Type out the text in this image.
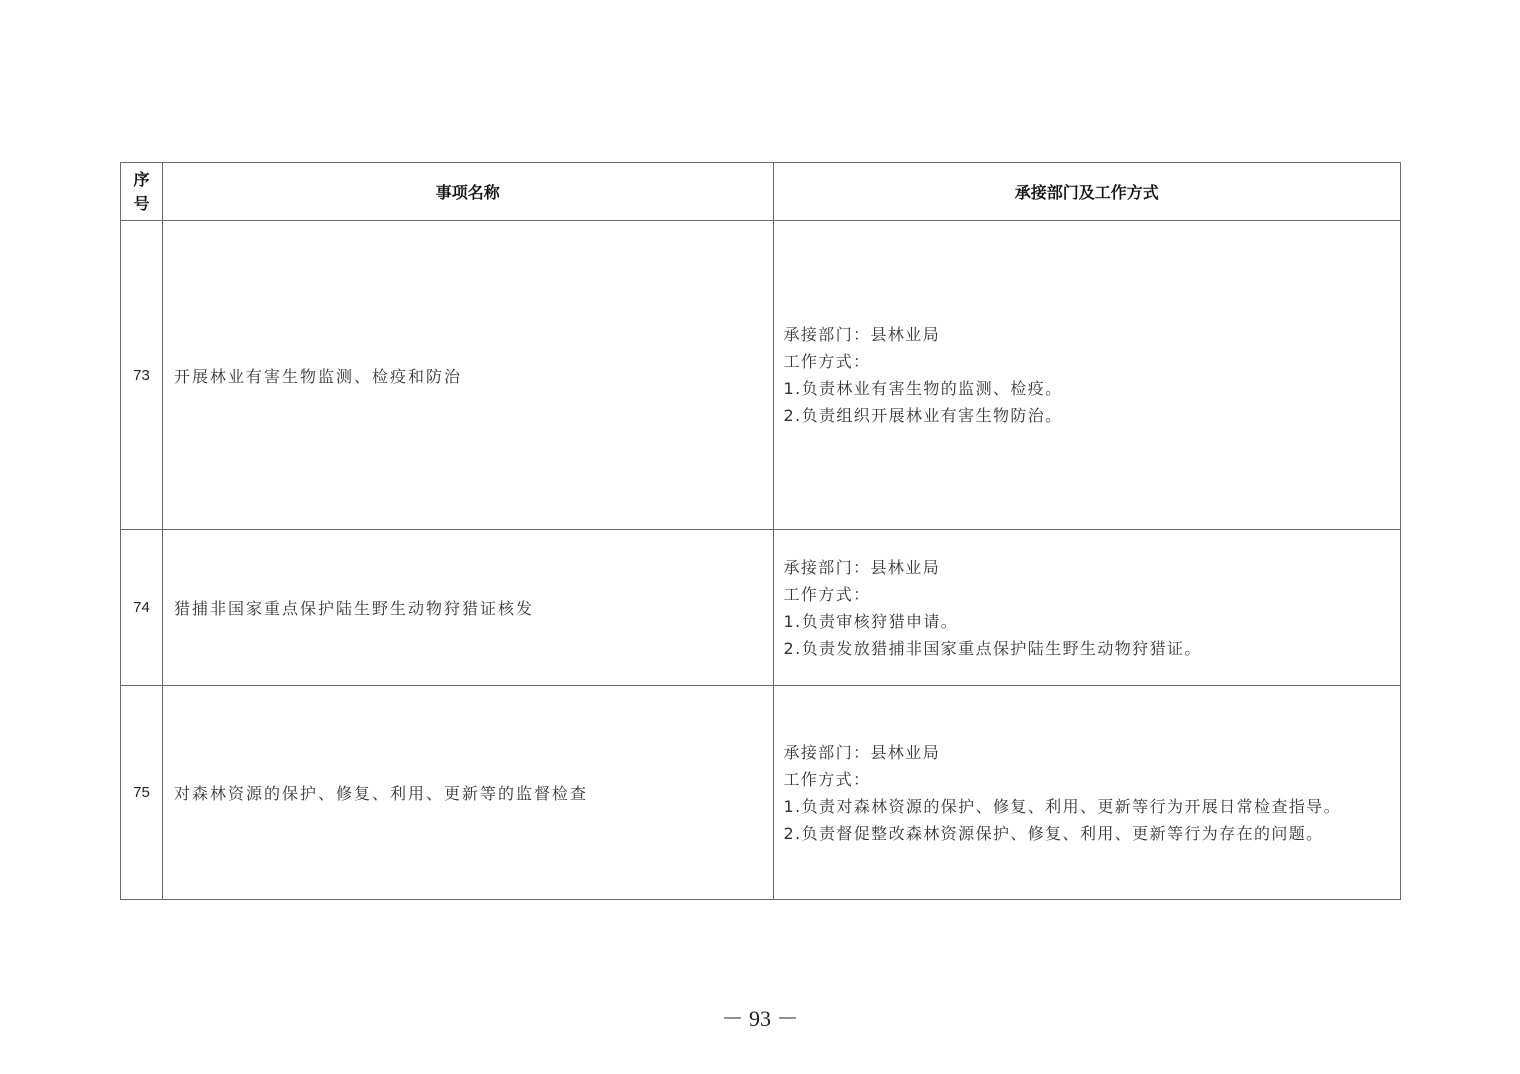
序
号	事项名称	承接部门及工作方式
73	开展林业有害生物监测、检疫和防治	承接部门：县林业局
工作方式：
1.负责林业有害生物的监测、检疫。
2.负责组织开展林业有害生物防治。

74	猎捕非国家重点保护陆生野生动物狩猎证核发	承接部门：县林业局
工作方式：
1.负责审核狩猎申请。
2.负责发放猎捕非国家重点保护陆生野生动物狩猎证。

75	对森林资源的保护、修复、利用、更新等的监督检查	承接部门：县林业局
工作方式：
1.负责对森林资源的保护、修复、利用、更新等行为开展日常检查指导。
2.负责督促整改森林资源保护、修复、利用、更新等行为存在的问题。
－ 93 －
